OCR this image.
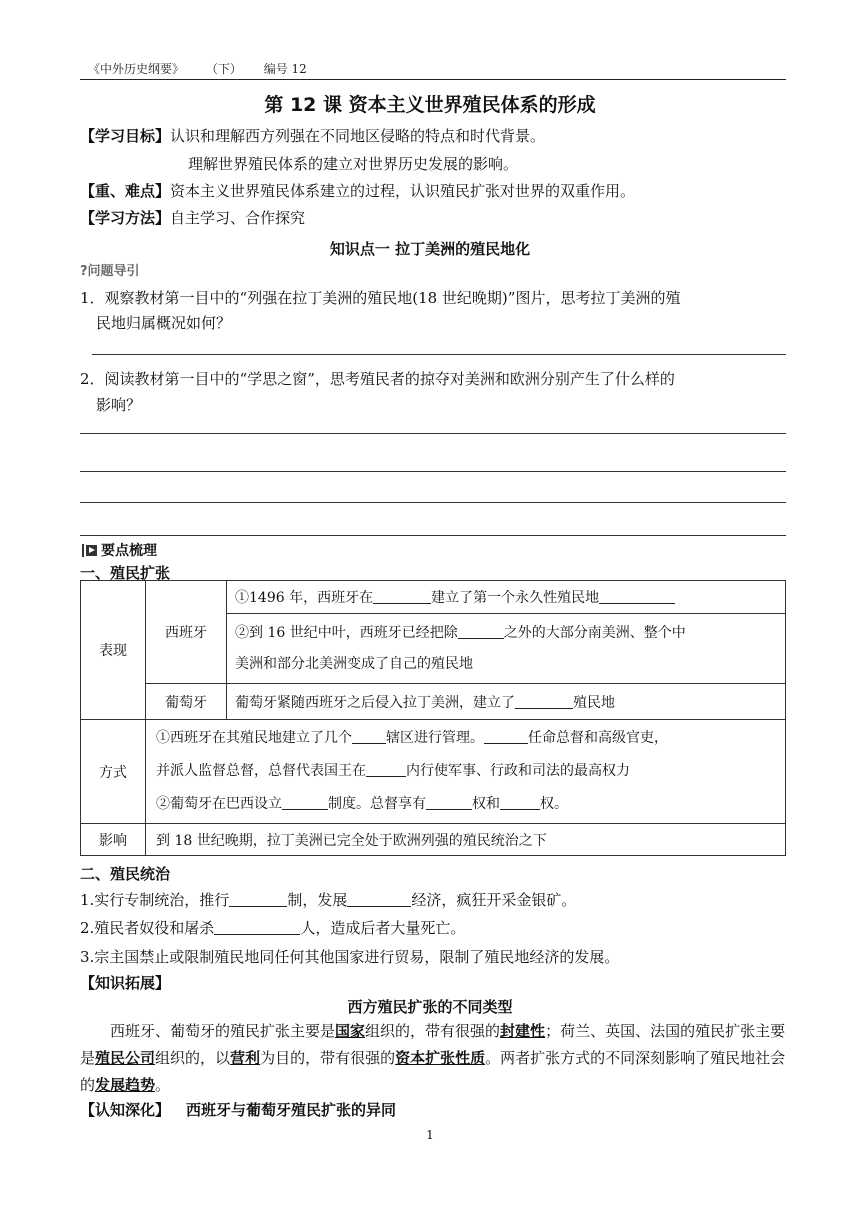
《中外历史纲要》 （下） 编号 12
第 12 课 资本主义世界殖民体系的形成
【学习目标】认识和理解西方列强在不同地区侵略的特点和时代背景。
理解世界殖民体系的建立对世界历史发展的影响。
【重、难点】资本主义世界殖民体系建立的过程，认识殖民扩张对世界的双重作用。
【学习方法】自主学习、合作探究
知识点一 拉丁美洲的殖民地化
?问题导引
1．观察教材第一目中的“列强在拉丁美洲的殖民地(18 世纪晚期)”图片，思考拉丁美洲的殖
民地归属概况如何？
2．阅读教材第一目中的“学思之窗”，思考殖民者的掠夺对美洲和欧洲分别产生了什么样的
影响？
要点梳理
一、殖民扩张
表现	西班牙	①1496 年，西班牙在 建立了第一个永久性殖民地
		②到 16 世纪中叶，西班牙已经把除 之外的大部分南美洲、整个中
美洲和部分北美洲变成了自己的殖民地
	葡萄牙	葡萄牙紧随西班牙之后侵入拉丁美洲，建立了 殖民地
方式	①西班牙在其殖民地建立了几个 辖区进行管理。 任命总督和高级官吏，
并派人监督总督，总督代表国王在 内行使军事、行政和司法的最高权力
②葡萄牙在巴西设立 制度。总督享有 权和 权。	
影响	到 18 世纪晚期，拉丁美洲已完全处于欧洲列强的殖民统治之下	
二、殖民统治
1.实行专制统治，推行	制，发展	经济，疯狂开采金银矿。
2.殖民者奴役和屠杀	人，造成后者大量死亡。
3.宗主国禁止或限制殖民地同任何其他国家进行贸易，限制了殖民地经济的发展。
【知识拓展】
西方殖民扩张的不同类型
西班牙、葡萄牙的殖民扩张主要是国家组织的，带有很强的封建性；荷兰、英国、法国的殖民扩张主要是殖民公司组织的，以营利为目的，带有很强的资本扩张性质。两者扩张方式的不同深刻影响了殖民地社会的发展趋势。
【认知深化】 西班牙与葡萄牙殖民扩张的异同
1
